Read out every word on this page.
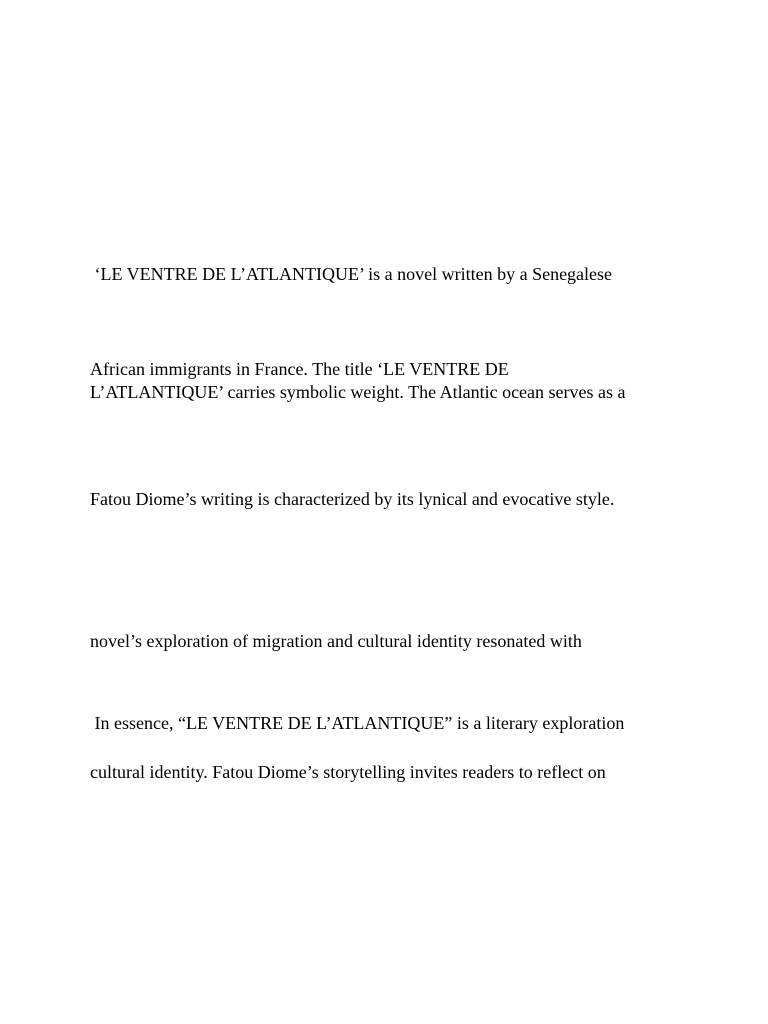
‘LE VENTRE DE L’ATLANTIQUE’ is a novel written by a Senegalese

African immigrants in France. The title ‘LE VENTRE DE

L’ATLANTIQUE’ carries symbolic weight. The Atlantic ocean serves as a

Fatou Diome’s writing is characterized by its lynical and evocative style.

novel’s exploration of migration and cultural identity resonated with

In essence, “LE VENTRE DE L’ATLANTIQUE” is a literary exploration

cultural identity. Fatou Diome’s storytelling invites readers to reflect on
